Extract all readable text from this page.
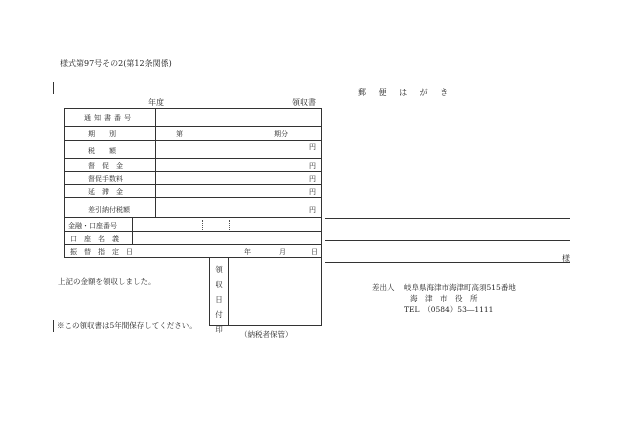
様式第97号その2(第12条関係)
郵 便 は が き
年度	領収書
通知書番号
期　　別	第	期分
税　　額	円
督　促　金	円
督促手数料	円
延　滞　金	円
差引納付税額	円
金融・口座番号
口　座　名　義
振　替　指　定　日	年	月	日
領
収
日
付
印
上記の金額を領収しました。
※この領収書は5年間保存してください。
（納税者保管）
様
差出人 岐阜県海津市海津町高須515番地
海　津　市　役　所
TEL　（0584）53―1111
